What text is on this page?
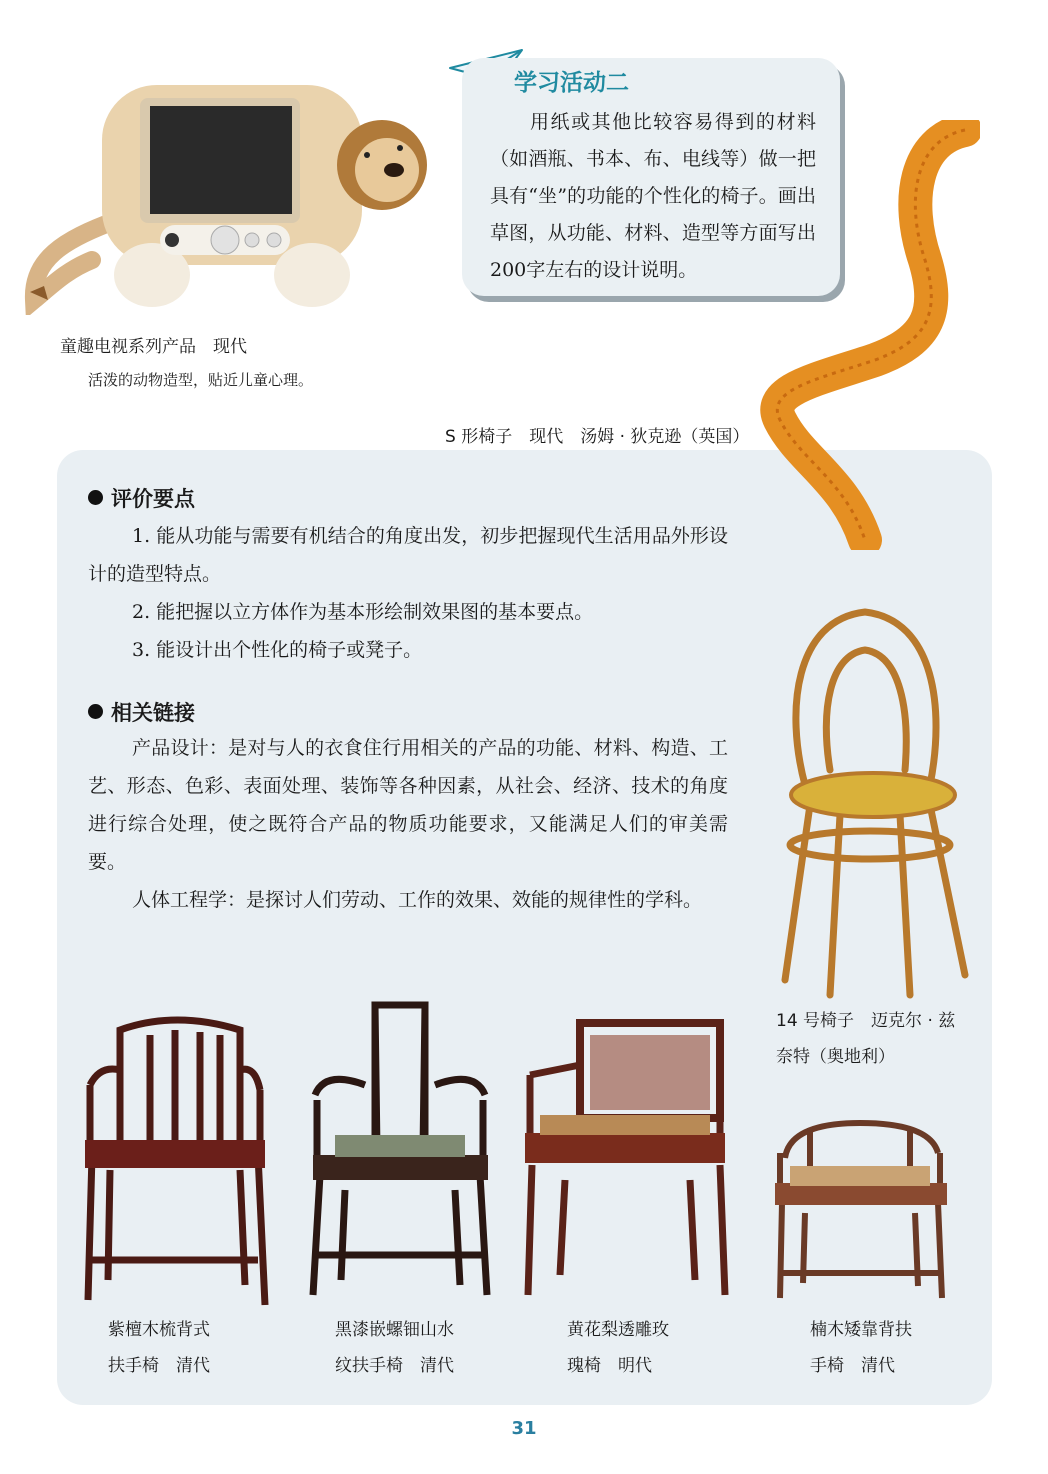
学习活动二
用纸或其他比较容易得到的材料（如酒瓶、书本、布、电线等）做一把具有“坐”的功能的个性化的椅子。画出草图，从功能、材料、造型等方面写出200字左右的设计说明。
童趣电视系列产品　现代
活泼的动物造型，贴近儿童心理。
S 形椅子　现代　汤姆 · 狄克逊（英国）
评价要点

1. 能从功能与需要有机结合的角度出发，初步把握现代生活用品外形设计的造型特点。

2. 能把握以立方体作为基本形绘制效果图的基本要点。

3. 能设计出个性化的椅子或凳子。

相关链接

产品设计：是对与人的衣食住行用相关的产品的功能、材料、构造、工艺、形态、色彩、表面处理、装饰等各种因素，从社会、经济、技术的角度进行综合处理，使之既符合产品的物质功能要求，又能满足人们的审美需要。

人体工程学：是探讨人们劳动、工作的效果、效能的规律性的学科。

14 号椅子　迈克尔 · 兹
奈特（奥地利）
紫檀木梳背式
扶手椅　清代
黑漆嵌螺钿山水
纹扶手椅　清代
黄花梨透雕玫
瑰椅　明代
楠木矮靠背扶
手椅　清代
31
